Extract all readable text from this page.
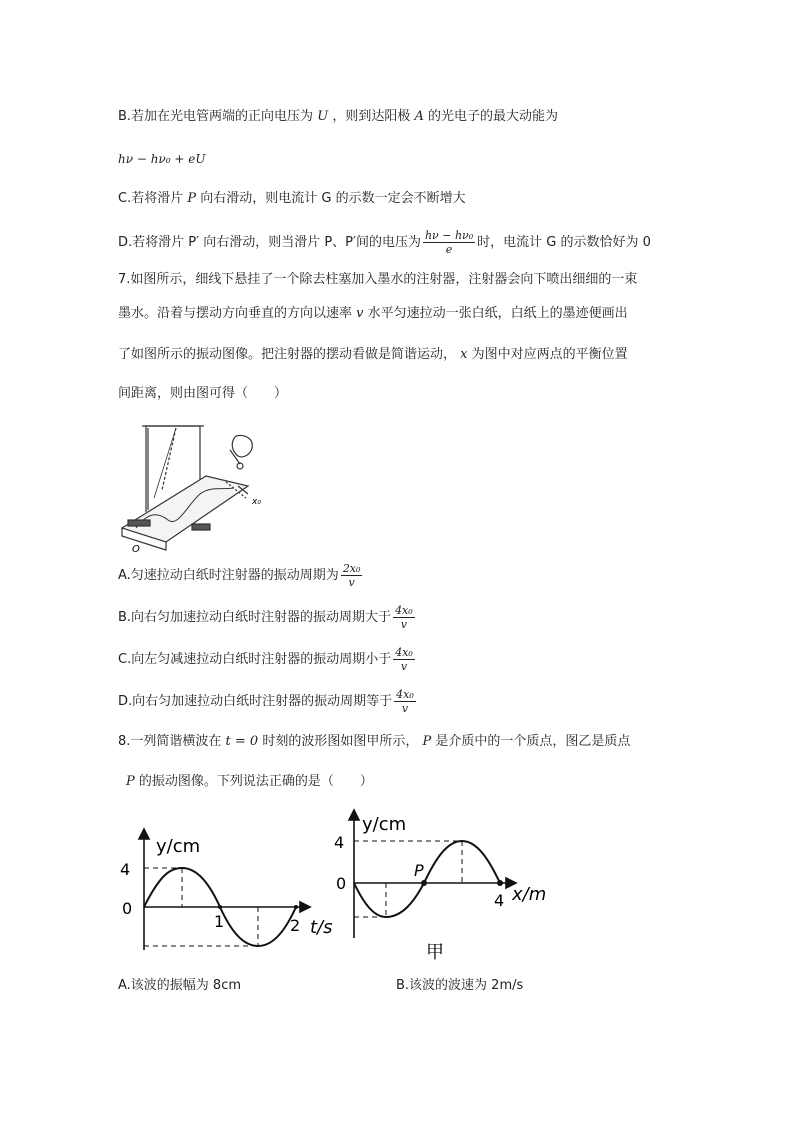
B.若加在光电管两端的正向电压为 U ，则到达阳极 A 的光电子的最大动能为
hν − hν₀ + eU
C.若将滑片 P 向右滑动，则电流计 G 的示数一定会不断增大
D.若将滑片 P′ 向右滑动，则当滑片 P、P′间的电压为 $\frac{\text{hν − hν₀}}{e}$ 时，电流计 G 的示数恰好为 0
7.如图所示，细线下悬挂了一个除去柱塞加入墨水的注射器，注射器会向下喷出细细的一束
墨水。沿着与摆动方向垂直的方向以速率 v 水平匀速拉动一张白纸，白纸上的墨迹便画出
了如图所示的振动图像。把注射器的摆动看做是简谐运动， x 为图中对应两点的平衡位置
间距离，则由图可得（　　）
x₀
O
A.匀速拉动白纸时注射器的振动周期为 $\frac{\text{2x₀}}{v}$
B.向右匀加速拉动白纸时注射器的振动周期大于 $\frac{\text{4x₀}}{v}$
C.向左匀减速拉动白纸时注射器的振动周期小于 $\frac{\text{4x₀}}{v}$
D.向右匀加速拉动白纸时注射器的振动周期等于 $\frac{\text{4x₀}}{v}$
8.一列简谐横波在 t = 0 时刻的波形图如图甲所示， P 是介质中的一个质点，图乙是质点
P 的振动图像。下列说法正确的是（　　）
y/cm
4
0
1	2 t/s
y/cm
4
0
P
4 x/m
甲
A.该波的振幅为 8cm	B.该波的波速为 2m/s
